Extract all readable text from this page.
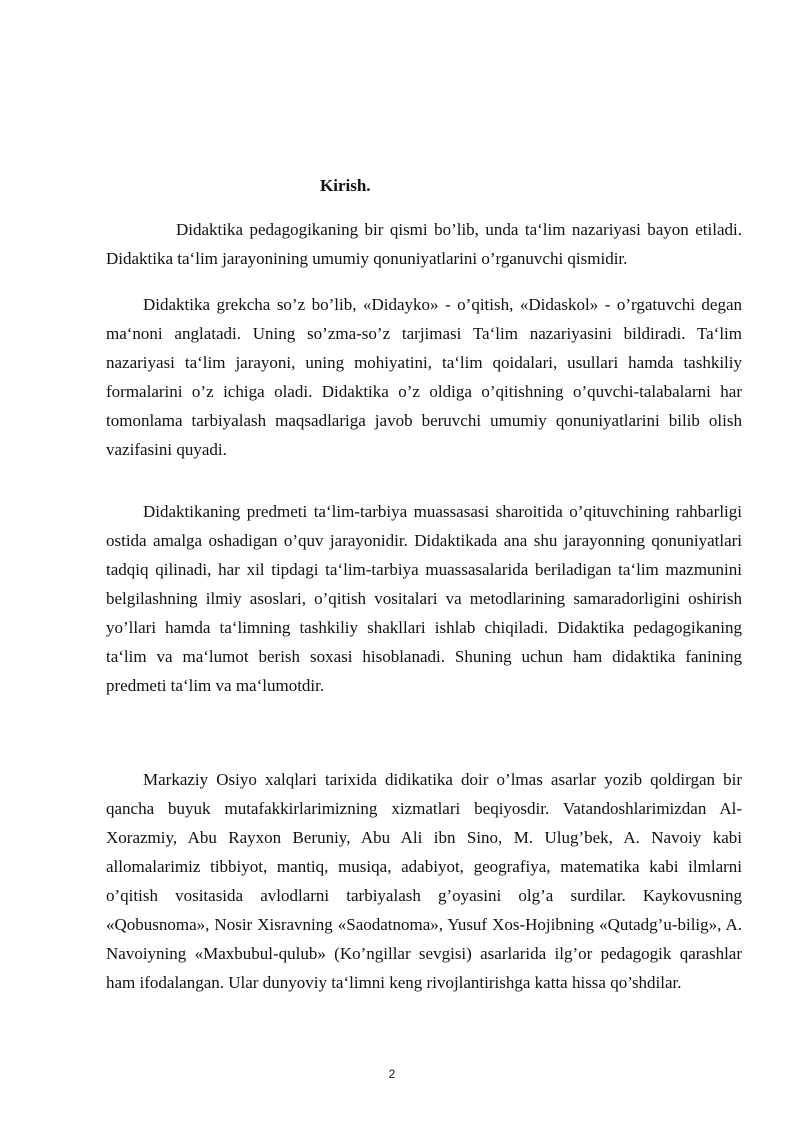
Kirish.

Didaktika pedagogikaning bir qismi bo’lib, unda ta‘lim nazariyasi bayon etiladi. Didaktika ta‘lim jarayonining umumiy qonuniyatlarini o’rganuvchi qismidir.

Didaktika grekcha so’z bo’lib, «Didayko» - o’qitish, «Didaskol» - o’rgatuvchi degan ma‘noni anglatadi. Uning so’zma-so’z tarjimasi Ta‘lim nazariyasini bildiradi. Ta‘lim nazariyasi ta‘lim jarayoni, uning mohiyatini, ta‘lim qoidalari, usullari hamda tashkiliy formalarini o’z ichiga oladi. Didaktika o’z oldiga o’qitishning o’quvchi-talabalarni har tomonlama tarbiyalash maqsadlariga javob beruvchi umumiy qonuniyatlarini bilib olish vazifasini quyadi.

Didaktikaning predmeti ta‘lim-tarbiya muassasasi sharoitida o’qituvchining rahbarligi ostida amalga oshadigan o’quv jarayonidir. Didaktikada ana shu jarayonning qonuniyatlari tadqiq qilinadi, har xil tipdagi ta‘lim-tarbiya muassasalarida beriladigan ta‘lim mazmunini belgilashning ilmiy asoslari, o’qitish vositalari va metodlarining samaradorligini oshirish yo’llari hamda ta‘limning tashkiliy shakllari ishlab chiqiladi. Didaktika pedagogikaning ta‘lim va ma‘lumot berish soxasi hisoblanadi. Shuning uchun ham didaktika fanining predmeti ta‘lim va ma‘lumotdir.

Markaziy Osiyo xalqlari tarixida didikatika doir o’lmas asarlar yozib qoldirgan bir qancha buyuk mutafakkirlarimizning xizmatlari beqiyosdir. Vatandoshlarimizdan Al-Xorazmiy, Abu Rayxon Beruniy, Abu Ali ibn Sino, M. Ulug’bek, A. Navoiy kabi allomalarimiz tibbiyot, mantiq, musiqa, adabiyot, geografiya, matematika kabi ilmlarni o’qitish vositasida avlodlarni tarbiyalash g’oyasini olg’a surdilar. Kaykovusning «Qobusnoma», Nosir Xisravning «Saodatnoma», Yusuf Xos-Hojibning «Qutadg’u-bilig», A. Navoiyning «Maxbubul-qulub» (Ko’ngillar sevgisi) asarlarida ilg’or pedagogik qarashlar ham ifodalangan. Ular dunyoviy ta‘limni keng rivojlantirishga katta hissa qo’shdilar.

2
